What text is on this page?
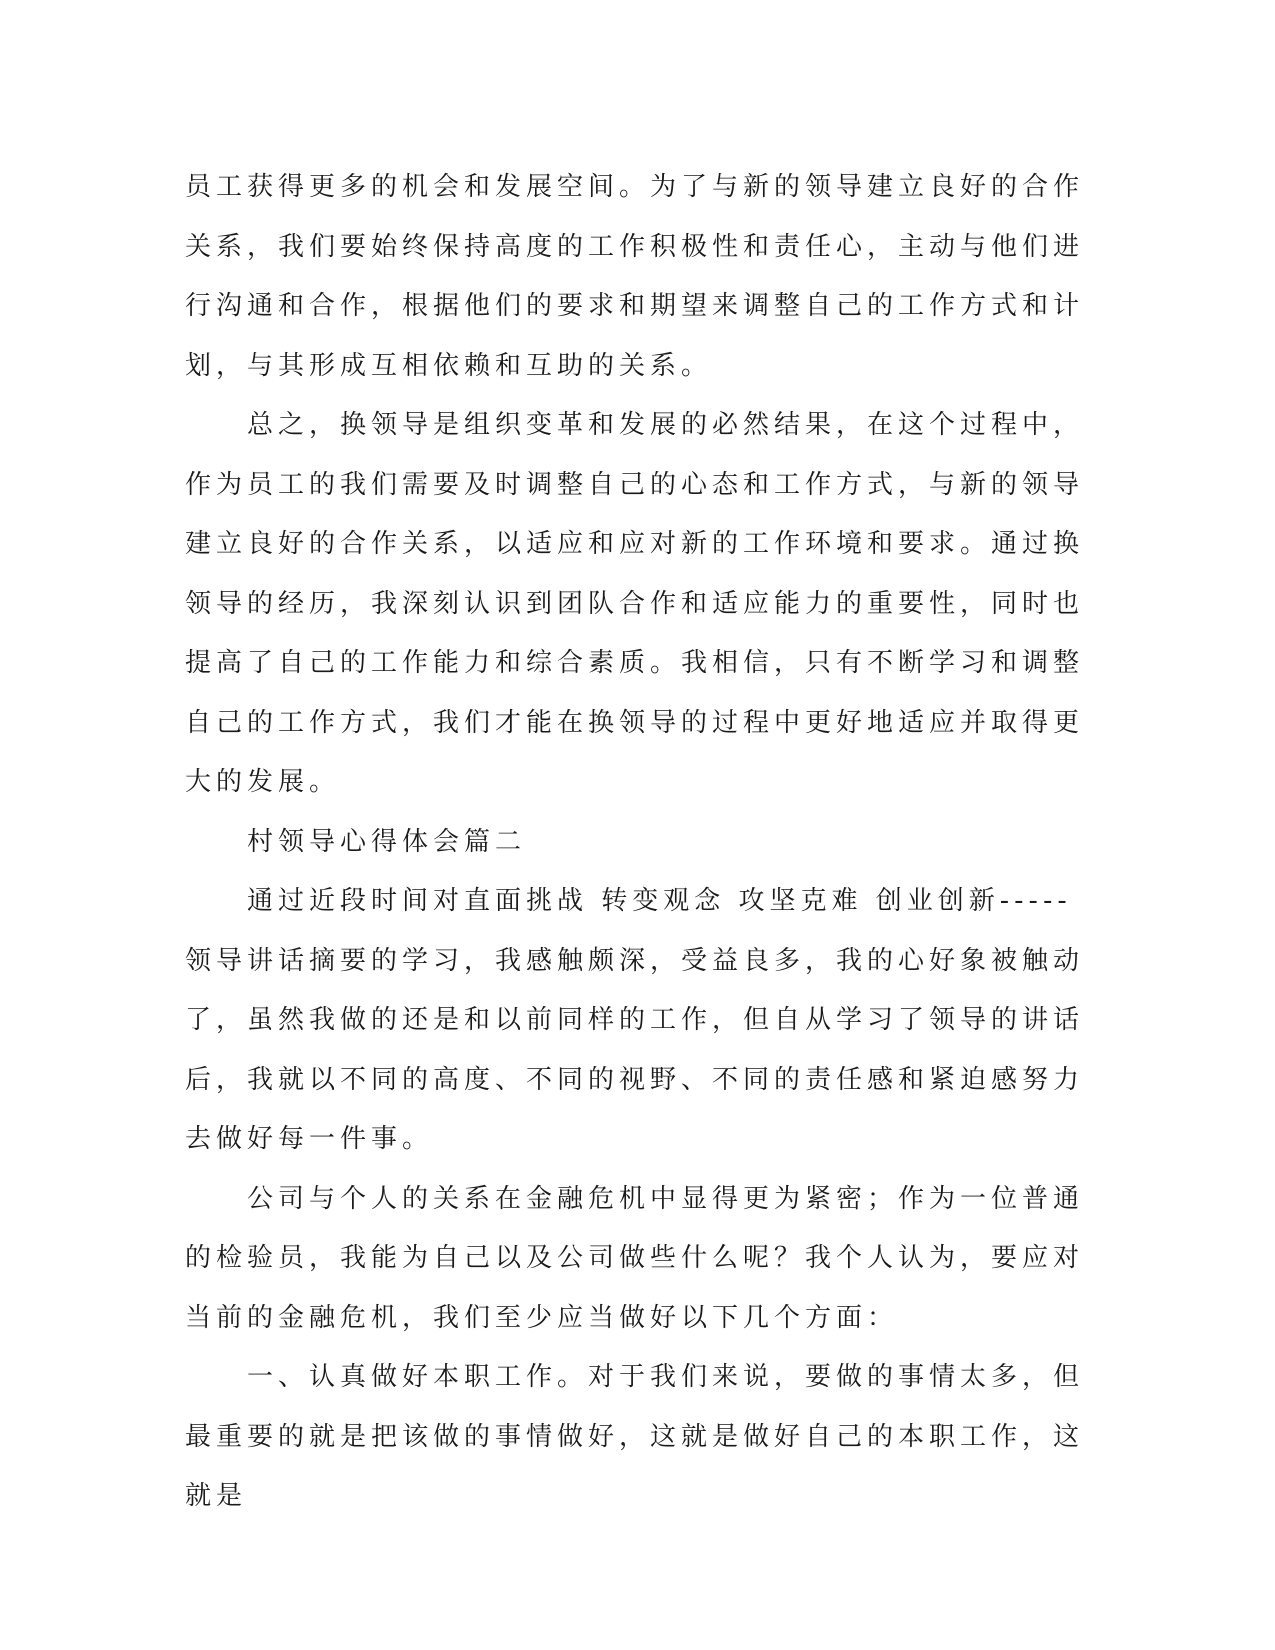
员工获得更多的机会和发展空间。为了与新的领导建立良好的合作关系，我们要始终保持高度的工作积极性和责任心，主动与他们进行沟通和合作，根据他们的要求和期望来调整自己的工作方式和计划，与其形成互相依赖和互助的关系。

总之，换领导是组织变革和发展的必然结果，在这个过程中，作为员工的我们需要及时调整自己的心态和工作方式，与新的领导建立良好的合作关系，以适应和应对新的工作环境和要求。通过换领导的经历，我深刻认识到团队合作和适应能力的重要性，同时也提高了自己的工作能力和综合素质。我相信，只有不断学习和调整自己的工作方式，我们才能在换领导的过程中更好地适应并取得更大的发展。

村领导心得体会篇二

通过近段时间对直面挑战 转变观念 攻坚克难 创业创新-----领导讲话摘要的学习，我感触颇深，受益良多，我的心好象被触动了，虽然我做的还是和以前同样的工作，但自从学习了领导的讲话后，我就以不同的高度、不同的视野、不同的责任感和紧迫感努力去做好每一件事。

公司与个人的关系在金融危机中显得更为紧密；作为一位普通的检验员，我能为自己以及公司做些什么呢？我个人认为，要应对当前的金融危机，我们至少应当做好以下几个方面：

一、认真做好本职工作。对于我们来说，要做的事情太多，但最重要的就是把该做的事情做好，这就是做好自己的本职工作，这就是
